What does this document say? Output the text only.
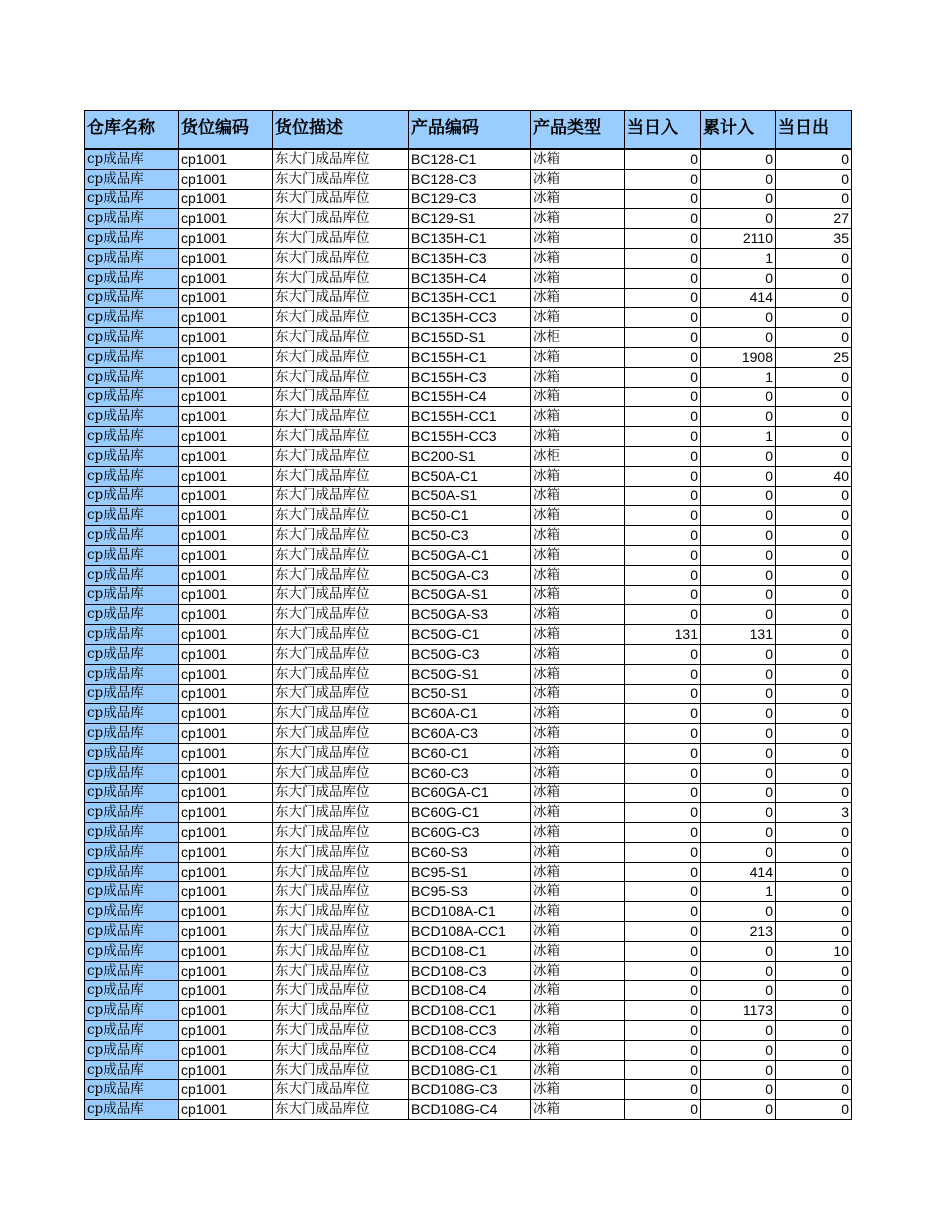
仓库名称	货位编码	货位描述	产品编码	产品类型	当日入	累计入	当日出
cp成品库	cp1001	东大门成品库位	BC128-C1	冰箱	0	0	0
cp成品库	cp1001	东大门成品库位	BC128-C3	冰箱	0	0	0
cp成品库	cp1001	东大门成品库位	BC129-C3	冰箱	0	0	0
cp成品库	cp1001	东大门成品库位	BC129-S1	冰箱	0	0	27
cp成品库	cp1001	东大门成品库位	BC135H-C1	冰箱	0	2110	35
cp成品库	cp1001	东大门成品库位	BC135H-C3	冰箱	0	1	0
cp成品库	cp1001	东大门成品库位	BC135H-C4	冰箱	0	0	0
cp成品库	cp1001	东大门成品库位	BC135H-CC1	冰箱	0	414	0
cp成品库	cp1001	东大门成品库位	BC135H-CC3	冰箱	0	0	0
cp成品库	cp1001	东大门成品库位	BC155D-S1	冰柜	0	0	0
cp成品库	cp1001	东大门成品库位	BC155H-C1	冰箱	0	1908	25
cp成品库	cp1001	东大门成品库位	BC155H-C3	冰箱	0	1	0
cp成品库	cp1001	东大门成品库位	BC155H-C4	冰箱	0	0	0
cp成品库	cp1001	东大门成品库位	BC155H-CC1	冰箱	0	0	0
cp成品库	cp1001	东大门成品库位	BC155H-CC3	冰箱	0	1	0
cp成品库	cp1001	东大门成品库位	BC200-S1	冰柜	0	0	0
cp成品库	cp1001	东大门成品库位	BC50A-C1	冰箱	0	0	40
cp成品库	cp1001	东大门成品库位	BC50A-S1	冰箱	0	0	0
cp成品库	cp1001	东大门成品库位	BC50-C1	冰箱	0	0	0
cp成品库	cp1001	东大门成品库位	BC50-C3	冰箱	0	0	0
cp成品库	cp1001	东大门成品库位	BC50GA-C1	冰箱	0	0	0
cp成品库	cp1001	东大门成品库位	BC50GA-C3	冰箱	0	0	0
cp成品库	cp1001	东大门成品库位	BC50GA-S1	冰箱	0	0	0
cp成品库	cp1001	东大门成品库位	BC50GA-S3	冰箱	0	0	0
cp成品库	cp1001	东大门成品库位	BC50G-C1	冰箱	131	131	0
cp成品库	cp1001	东大门成品库位	BC50G-C3	冰箱	0	0	0
cp成品库	cp1001	东大门成品库位	BC50G-S1	冰箱	0	0	0
cp成品库	cp1001	东大门成品库位	BC50-S1	冰箱	0	0	0
cp成品库	cp1001	东大门成品库位	BC60A-C1	冰箱	0	0	0
cp成品库	cp1001	东大门成品库位	BC60A-C3	冰箱	0	0	0
cp成品库	cp1001	东大门成品库位	BC60-C1	冰箱	0	0	0
cp成品库	cp1001	东大门成品库位	BC60-C3	冰箱	0	0	0
cp成品库	cp1001	东大门成品库位	BC60GA-C1	冰箱	0	0	0
cp成品库	cp1001	东大门成品库位	BC60G-C1	冰箱	0	0	3
cp成品库	cp1001	东大门成品库位	BC60G-C3	冰箱	0	0	0
cp成品库	cp1001	东大门成品库位	BC60-S3	冰箱	0	0	0
cp成品库	cp1001	东大门成品库位	BC95-S1	冰箱	0	414	0
cp成品库	cp1001	东大门成品库位	BC95-S3	冰箱	0	1	0
cp成品库	cp1001	东大门成品库位	BCD108A-C1	冰箱	0	0	0
cp成品库	cp1001	东大门成品库位	BCD108A-CC1	冰箱	0	213	0
cp成品库	cp1001	东大门成品库位	BCD108-C1	冰箱	0	0	10
cp成品库	cp1001	东大门成品库位	BCD108-C3	冰箱	0	0	0
cp成品库	cp1001	东大门成品库位	BCD108-C4	冰箱	0	0	0
cp成品库	cp1001	东大门成品库位	BCD108-CC1	冰箱	0	1173	0
cp成品库	cp1001	东大门成品库位	BCD108-CC3	冰箱	0	0	0
cp成品库	cp1001	东大门成品库位	BCD108-CC4	冰箱	0	0	0
cp成品库	cp1001	东大门成品库位	BCD108G-C1	冰箱	0	0	0
cp成品库	cp1001	东大门成品库位	BCD108G-C3	冰箱	0	0	0
cp成品库	cp1001	东大门成品库位	BCD108G-C4	冰箱	0	0	0
